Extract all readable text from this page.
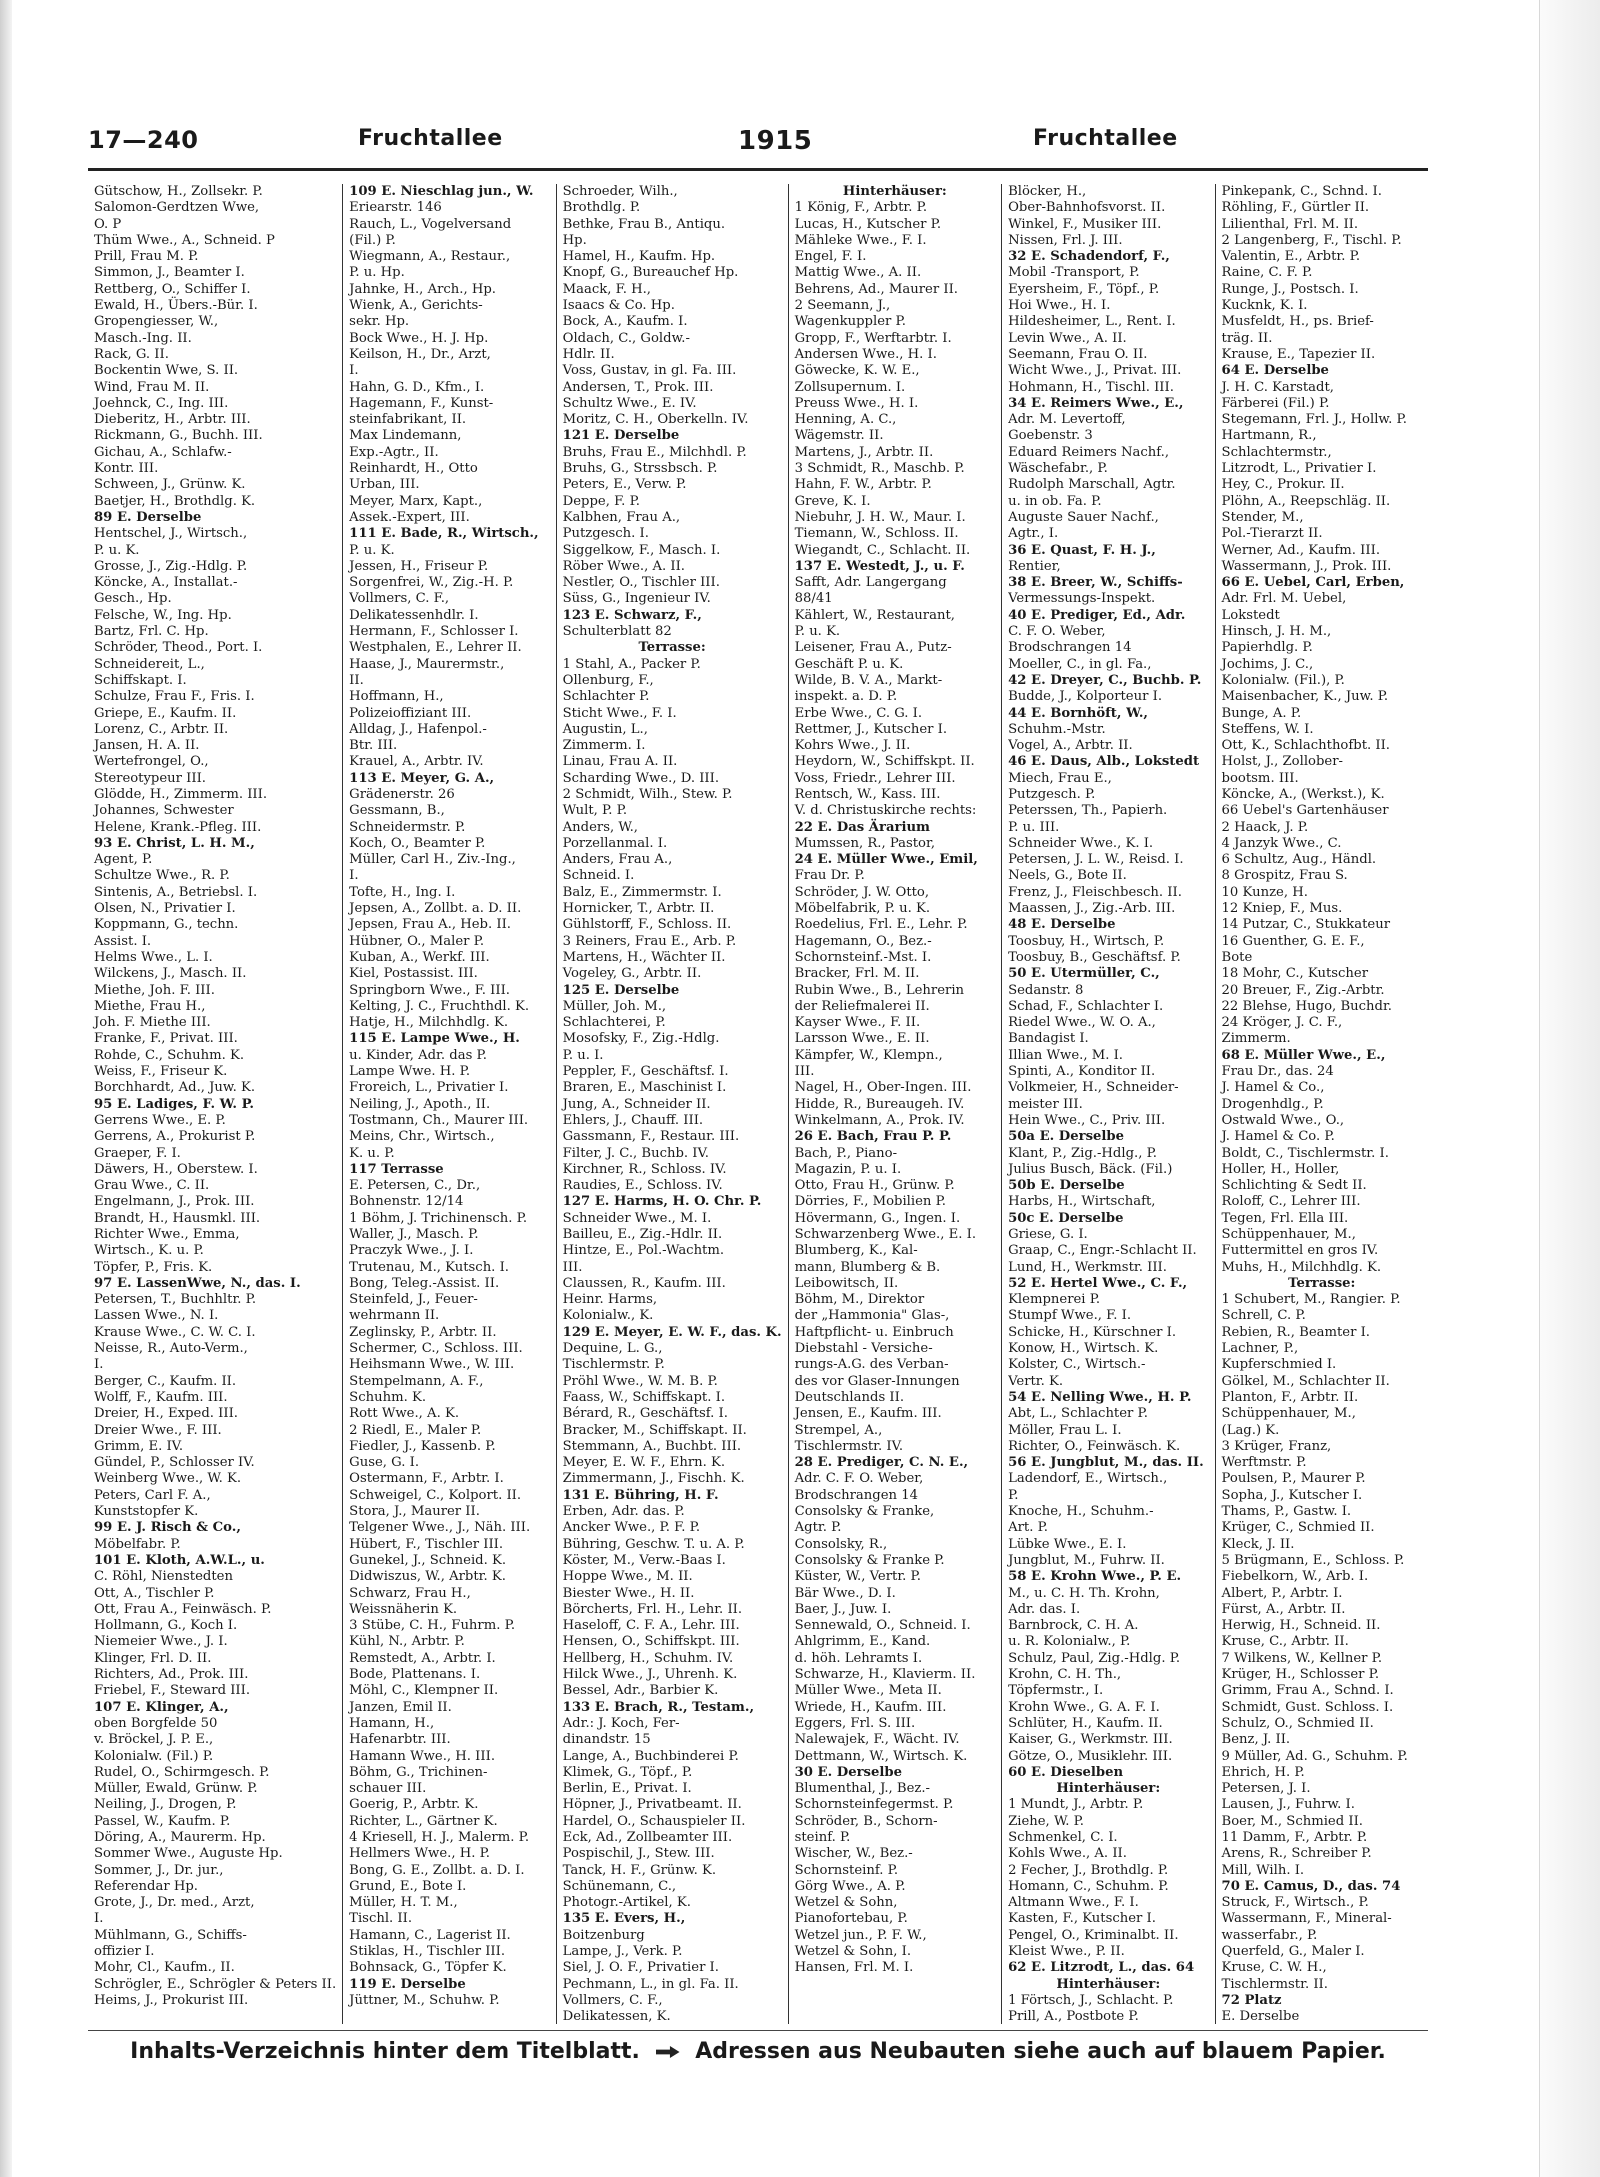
17—240	Fruchtallee	1915	Fruchtallee
Gütschow, H., Zollsekr. P.
Salomon-Gerdtzen Wwe,
O. P
Thüm Wwe., A., Schneid. P
Prill, Frau M. P.
Simmon, J., Beamter I.
Rettberg, O., Schiffer I.
Ewald, H., Übers.-Bür. I.
Gropengiesser, W.,
Masch.-Ing. II.
Rack, G. II.
Bockentin Wwe, S. II.
Wind, Frau M. II.
Joehnck, C., Ing. III.
Dieberitz, H., Arbtr. III.
Rickmann, G., Buchh. III.
Gichau, A., Schlafw.-
Kontr. III.
Schween, J., Grünw. K.
Baetjer, H., Brothdlg. K.
89 E. Derselbe
Hentschel, J., Wirtsch.,
P. u. K.
Grosse, J., Zig.-Hdlg. P.
Köncke, A., Installat.-
Gesch., Hp.
Felsche, W., Ing. Hp.
Bartz, Frl. C. Hp.
Schröder, Theod., Port. I.
Schneidereit, L.,
Schiffskapt. I.
Schulze, Frau F., Fris. I.
Griepe, E., Kaufm. II.
Lorenz, C., Arbtr. II.
Jansen, H. A. II.
Wertefrongel, O.,
Stereotypeur III.
Glödde, H., Zimmerm. III.
Johannes, Schwester
Helene, Krank.-Pfleg. III.
93 E. Christ, L. H. M.,
Agent, P.
Schultze Wwe., R. P.
Sintenis, A., Betriebsl. I.
Olsen, N., Privatier I.
Koppmann, G., techn.
Assist. I.
Helms Wwe., L. I.
Wilckens, J., Masch. II.
Miethe, Joh. F. III.
Miethe, Frau H.,
Joh. F. Miethe III.
Franke, F., Privat. III.
Rohde, C., Schuhm. K.
Weiss, F., Friseur K.
Borchhardt, Ad., Juw. K.
95 E. Ladiges, F. W. P.
Gerrens Wwe., E. P.
Gerrens, A., Prokurist P.
Graeper, F. I.
Däwers, H., Oberstew. I.
Grau Wwe., C. II.
Engelmann, J., Prok. III.
Brandt, H., Hausmkl. III.
Richter Wwe., Emma,
Wirtsch., K. u. P.
Töpfer, P., Fris. K.
97 E. LassenWwe, N., das. I.
Petersen, T., Buchhltr. P.
Lassen Wwe., N. I.
Krause Wwe., C. W. C. I.
Neisse, R., Auto-Verm.,
I.
Berger, C., Kaufm. II.
Wolff, F., Kaufm. III.
Dreier, H., Exped. III.
Dreier Wwe., F. III.
Grimm, E. IV.
Gündel, P., Schlosser IV.
Weinberg Wwe., W. K.
Peters, Carl F. A.,
Kunststopfer K.
99 E. J. Risch & Co.,
Möbelfabr. P.
101 E. Kloth, A.W.L., u.
C. Röhl, Nienstedten
Ott, A., Tischler P.
Ott, Frau A., Feinwäsch. P.
Hollmann, G., Koch I.
Niemeier Wwe., J. I.
Klinger, Frl. D. II.
Richters, Ad., Prok. III.
Friebel, F., Steward III.
107 E. Klinger, A.,
oben Borgfelde 50
v. Bröckel, J. P. E.,
Kolonialw. (Fil.) P.
Rudel, O., Schirmgesch. P.
Müller, Ewald, Grünw. P.
Neiling, J., Drogen, P.
Passel, W., Kaufm. P.
Döring, A., Maurerm. Hp.
Sommer Wwe., Auguste Hp.
Sommer, J., Dr. jur.,
Referendar Hp.
Grote, J., Dr. med., Arzt,
I.
Mühlmann, G., Schiffs-
offizier I.
Mohr, Cl., Kaufm., II.
Schrögler, E., Schrögler & Peters II.
Heims, J., Prokurist III.
109 E. Nieschlag jun., W.
Eriearstr. 146
Rauch, L., Vogelversand
(Fil.) P.
Wiegmann, A., Restaur.,
P. u. Hp.
Jahnke, H., Arch., Hp.
Wienk, A., Gerichts-
sekr. Hp.
Bock Wwe., H. J. Hp.
Keilson, H., Dr., Arzt,
I.
Hahn, G. D., Kfm., I.
Hagemann, F., Kunst-
steinfabrikant, II.
Max Lindemann,
Exp.-Agtr., II.
Reinhardt, H., Otto
Urban, III.
Meyer, Marx, Kapt.,
Assek.-Expert, III.
111 E. Bade, R., Wirtsch.,
P. u. K.
Jessen, H., Friseur P.
Sorgenfrei, W., Zig.-H. P.
Vollmers, C. F.,
Delikatessenhdlr. I.
Hermann, F., Schlosser I.
Westphalen, E., Lehrer II.
Haase, J., Maurermstr.,
II.
Hoffmann, H.,
Polizeioffiziant III.
Alldag, J., Hafenpol.-
Btr. III.
Krauel, A., Arbtr. IV.
113 E. Meyer, G. A.,
Grädenerstr. 26
Gessmann, B.,
Schneidermstr. P.
Koch, O., Beamter P.
Müller, Carl H., Ziv.-Ing.,
I.
Tofte, H., Ing. I.
Jepsen, A., Zollbt. a. D. II.
Jepsen, Frau A., Heb. II.
Hübner, O., Maler P.
Kuban, A., Werkf. III.
Kiel, Postassist. III.
Springborn Wwe., F. III.
Kelting, J. C., Fruchthdl. K.
Hatje, H., Milchhdlg. K.
115 E. Lampe Wwe., H.
u. Kinder, Adr. das P.
Lampe Wwe. H. P.
Froreich, L., Privatier I.
Neiling, J., Apoth., II.
Tostmann, Ch., Maurer III.
Meins, Chr., Wirtsch.,
K. u. P.
117 Terrasse
E. Petersen, C., Dr.,
Bohnenstr. 12/14
1 Böhm, J. Trichinensch. P.
Waller, J., Masch. P.
Praczyk Wwe., J. I.
Trutenau, M., Kutsch. I.
Bong, Teleg.-Assist. II.
Steinfeld, J., Feuer-
wehrmann II.
Zeglinsky, P., Arbtr. II.
Schermer, C., Schloss. III.
Heihsmann Wwe., W. III.
Stempelmann, A. F.,
Schuhm. K.
Rott Wwe., A. K.
2 Riedl, E., Maler P.
Fiedler, J., Kassenb. P.
Guse, G. I.
Ostermann, F., Arbtr. I.
Schweigel, C., Kolport. II.
Stora, J., Maurer II.
Telgener Wwe., J., Näh. III.
Hübert, F., Tischler III.
Gunekel, J., Schneid. K.
Didwiszus, W., Arbtr. K.
Schwarz, Frau H.,
Weissnäherin K.
3 Stübe, C. H., Fuhrm. P.
Kühl, N., Arbtr. P.
Remstedt, A., Arbtr. I.
Bode, Plattenans. I.
Möhl, C., Klempner II.
Janzen, Emil II.
Hamann, H.,
Hafenarbtr. III.
Hamann Wwe., H. III.
Böhm, G., Trichinen-
schauer III.
Goerig, P., Arbtr. K.
Richter, L., Gärtner K.
4 Kriesell, H. J., Malerm. P.
Hellmers Wwe., H. P.
Bong, G. E., Zollbt. a. D. I.
Grund, E., Bote I.
Müller, H. T. M.,
Tischl. II.
Hamann, C., Lagerist II.
Stiklas, H., Tischler III.
Bohnsack, G., Töpfer K.
119 E. Derselbe
Jüttner, M., Schuhw. P.
Schroeder, Wilh.,
Brothdlg. P.
Bethke, Frau B., Antiqu.
Hp.
Hamel, H., Kaufm. Hp.
Knopf, G., Bureauchef Hp.
Maack, F. H.,
Isaacs & Co. Hp.
Bock, A., Kaufm. I.
Oldach, C., Goldw.-
Hdlr. II.
Voss, Gustav, in gl. Fa. III.
Andersen, T., Prok. III.
Schultz Wwe., E. IV.
Moritz, C. H., Oberkelln. IV.
121 E. Derselbe
Bruhs, Frau E., Milchhdl. P.
Bruhs, G., Strssbsch. P.
Peters, E., Verw. P.
Deppe, F. P.
Kalbhen, Frau A.,
Putzgesch. I.
Siggelkow, F., Masch. I.
Röber Wwe., A. II.
Nestler, O., Tischler III.
Süss, G., Ingenieur IV.
123 E. Schwarz, F.,
Schulterblatt 82
Terrasse:
1 Stahl, A., Packer P.
Ollenburg, F.,
Schlachter P.
Sticht Wwe., F. I.
Augustin, L.,
Zimmerm. I.
Linau, Frau A. II.
Scharding Wwe., D. III.
2 Schmidt, Wilh., Stew. P.
Wult, P. P.
Anders, W.,
Porzellanmal. I.
Anders, Frau A.,
Schneid. I.
Balz, E., Zimmermstr. I.
Hornicker, T., Arbtr. II.
Gühlstorff, F., Schloss. II.
3 Reiners, Frau E., Arb. P.
Martens, H., Wächter II.
Vogeley, G., Arbtr. II.
125 E. Derselbe
Müller, Joh. M.,
Schlachterei, P.
Mosofsky, F., Zig.-Hdlg.
P. u. I.
Peppler, F., Geschäftsf. I.
Braren, E., Maschinist I.
Jung, A., Schneider II.
Ehlers, J., Chauff. III.
Gassmann, F., Restaur. III.
Filter, J. C., Buchb. IV.
Kirchner, R., Schloss. IV.
Raudies, E., Schloss. IV.
127 E. Harms, H. O. Chr. P.
Schneider Wwe., M. I.
Bailleu, E., Zig.-Hdlr. II.
Hintze, E., Pol.-Wachtm.
III.
Claussen, R., Kaufm. III.
Heinr. Harms,
Kolonialw., K.
129 E. Meyer, E. W. F., das. K.
Dequine, L. G.,
Tischlermstr. P.
Pröhl Wwe., W. M. B. P.
Faass, W., Schiffskapt. I.
Bérard, R., Geschäftsf. I.
Bracker, M., Schiffskapt. II.
Stemmann, A., Buchbt. III.
Meyer, E. W. F., Ehrn. K.
Zimmermann, J., Fischh. K.
131 E. Bühring, H. F.
Erben, Adr. das. P.
Ancker Wwe., P. F. P.
Bühring, Geschw. T. u. A. P.
Köster, M., Verw.-Baas I.
Hoppe Wwe., M. II.
Biester Wwe., H. II.
Börcherts, Frl. H., Lehr. II.
Haseloff, C. F. A., Lehr. III.
Hensen, O., Schiffskpt. III.
Hellberg, H., Schuhm. IV.
Hilck Wwe., J., Uhrenh. K.
Bessel, Adr., Barbier K.
133 E. Brach, R., Testam.,
Adr.: J. Koch, Fer-
dinandstr. 15
Lange, A., Buchbinderei P.
Klimek, G., Töpf., P.
Berlin, E., Privat. I.
Höpner, J., Privatbeamt. II.
Hardel, O., Schauspieler II.
Eck, Ad., Zollbeamter III.
Pospischil, J., Stew. III.
Tanck, H. F., Grünw. K.
Schünemann, C.,
Photogr.-Artikel, K.
135 E. Evers, H.,
Boitzenburg
Lampe, J., Verk. P.
Siel, J. O. F., Privatier I.
Pechmann, L., in gl. Fa. II.
Vollmers, C. F.,
Delikatessen, K.
Hinterhäuser:
1 König, F., Arbtr. P.
Lucas, H., Kutscher P.
Mähleke Wwe., F. I.
Engel, F. I.
Mattig Wwe., A. II.
Behrens, Ad., Maurer II.
2 Seemann, J.,
Wagenkuppler P.
Gropp, F., Werftarbtr. I.
Andersen Wwe., H. I.
Göwecke, K. W. E.,
Zollsupernum. I.
Preuss Wwe., H. I.
Henning, A. C.,
Wägemstr. II.
Martens, J., Arbtr. II.
3 Schmidt, R., Maschb. P.
Hahn, F. W., Arbtr. P.
Greve, K. I.
Niebuhr, J. H. W., Maur. I.
Tiemann, W., Schloss. II.
Wiegandt, C., Schlacht. II.
137 E. Westedt, J., u. F.
Safft, Adr. Langergang
88/41
Kählert, W., Restaurant,
P. u. K.
Leisener, Frau A., Putz-
Geschäft P. u. K.
Wilde, B. V. A., Markt-
inspekt. a. D. P.
Erbe Wwe., C. G. I.
Rettmer, J., Kutscher I.
Kohrs Wwe., J. II.
Heydorn, W., Schiffskpt. II.
Voss, Friedr., Lehrer III.
Rentsch, W., Kass. III.
V. d. Christuskirche rechts:
22 E. Das Ärarium
Mumssen, R., Pastor,
24 E. Müller Wwe., Emil,
Frau Dr. P.
Schröder, J. W. Otto,
Möbelfabrik, P. u. K.
Roedelius, Frl. E., Lehr. P.
Hagemann, O., Bez.-
Schornsteinf.-Mst. I.
Bracker, Frl. M. II.
Rubin Wwe., B., Lehrerin
der Reliefmalerei II.
Kayser Wwe., F. II.
Larsson Wwe., E. II.
Kämpfer, W., Klempn.,
III.
Nagel, H., Ober-Ingen. III.
Hidde, R., Bureaugeh. IV.
Winkelmann, A., Prok. IV.
26 E. Bach, Frau P. P.
Bach, P., Piano-
Magazin, P. u. I.
Otto, Frau H., Grünw. P.
Dörries, F., Mobilien P.
Hövermann, G., Ingen. I.
Schwarzenberg Wwe., E. I.
Blumberg, K., Kal-
mann, Blumberg & B.
Leibowitsch, II.
Böhm, M., Direktor
der „Hammonia" Glas-,
Haftpflicht- u. Einbruch
Diebstahl - Versiche-
rungs-A.G. des Verban-
des vor Glaser-Innungen
Deutschlands II.
Jensen, E., Kaufm. III.
Strempel, A.,
Tischlermstr. IV.
28 E. Prediger, C. N. E.,
Adr. C. F. O. Weber,
Brodschrangen 14
Consolsky & Franke,
Agtr. P.
Consolsky, R.,
Consolsky & Franke P.
Küster, W., Vertr. P.
Bär Wwe., D. I.
Baer, J., Juw. I.
Sennewald, O., Schneid. I.
Ahlgrimm, E., Kand.
d. höh. Lehramts I.
Schwarze, H., Klavierm. II.
Müller Wwe., Meta II.
Wriede, H., Kaufm. III.
Eggers, Frl. S. III.
Nalewajek, F., Wächt. IV.
Dettmann, W., Wirtsch. K.
30 E. Derselbe
Blumenthal, J., Bez.-
Schornsteinfegermst. P.
Schröder, B., Schorn-
steinf. P.
Wischer, W., Bez.-
Schornsteinf. P.
Görg Wwe., A. P.
Wetzel & Sohn,
Pianofortebau, P.
Wetzel jun., P. F. W.,
Wetzel & Sohn, I.
Hansen, Frl. M. I.
Blöcker, H.,
Ober-Bahnhofsvorst. II.
Winkel, F., Musiker III.
Nissen, Frl. J. III.
32 E. Schadendorf, F.,
Mobil -Transport, P.
Eyersheim, F., Töpf., P.
Hoi Wwe., H. I.
Hildesheimer, L., Rent. I.
Levin Wwe., A. II.
Seemann, Frau O. II.
Wicht Wwe., J., Privat. III.
Hohmann, H., Tischl. III.
34 E. Reimers Wwe., E.,
Adr. M. Levertoff,
Goebenstr. 3
Eduard Reimers Nachf.,
Wäschefabr., P.
Rudolph Marschall, Agtr.
u. in ob. Fa. P.
Auguste Sauer Nachf.,
Agtr., I.
36 E. Quast, F. H. J.,
Rentier,
38 E. Breer, W., Schiffs-
Vermessungs-Inspekt.
40 E. Prediger, Ed., Adr.
C. F. O. Weber,
Brodschrangen 14
Moeller, C., in gl. Fa.,
42 E. Dreyer, C., Buchb. P.
Budde, J., Kolporteur I.
44 E. Bornhöft, W.,
Schuhm.-Mstr.
Vogel, A., Arbtr. II.
46 E. Daus, Alb., Lokstedt
Miech, Frau E.,
Putzgesch. P.
Peterssen, Th., Papierh.
P. u. III.
Schneider Wwe., K. I.
Petersen, J. L. W., Reisd. I.
Neels, G., Bote II.
Frenz, J., Fleischbesch. II.
Maassen, J., Zig.-Arb. III.
48 E. Derselbe
Toosbuy, H., Wirtsch, P.
Toosbuy, B., Geschäftsf. P.
50 E. Utermüller, C.,
Sedanstr. 8
Schad, F., Schlachter I.
Riedel Wwe., W. O. A.,
Bandagist I.
Illian Wwe., M. I.
Spinti, A., Konditor II.
Volkmeier, H., Schneider-
meister III.
Hein Wwe., C., Priv. III.
50a E. Derselbe
Klant, P., Zig.-Hdlg., P.
Julius Busch, Bäck. (Fil.)
50b E. Derselbe
Harbs, H., Wirtschaft,
50c E. Derselbe
Griese, G. I.
Graap, C., Engr.-Schlacht II.
Lund, H., Werkmstr. III.
52 E. Hertel Wwe., C. F.,
Klempnerei P.
Stumpf Wwe., F. I.
Schicke, H., Kürschner I.
Konow, H., Wirtsch. K.
Kolster, C., Wirtsch.-
Vertr. K.
54 E. Nelling Wwe., H. P.
Abt, L., Schlachter P.
Möller, Frau L. I.
Richter, O., Feinwäsch. K.
56 E. Jungblut, M., das. II.
Ladendorf, E., Wirtsch.,
P.
Knoche, H., Schuhm.-
Art. P.
Lübke Wwe., E. I.
Jungblut, M., Fuhrw. II.
58 E. Krohn Wwe., P. E.
M., u. C. H. Th. Krohn,
Adr. das. I.
Barnbrock, C. H. A.
u. R. Kolonialw., P.
Schulz, Paul, Zig.-Hdlg. P.
Krohn, C. H. Th.,
Töpfermstr., I.
Krohn Wwe., G. A. F. I.
Schlüter, H., Kaufm. II.
Kaiser, G., Werkmstr. III.
Götze, O., Musiklehr. III.
60 E. Dieselben
Hinterhäuser:
1 Mundt, J., Arbtr. P.
Ziehe, W. P.
Schmenkel, C. I.
Kohls Wwe., A. II.
2 Fecher, J., Brothdlg. P.
Homann, C., Schuhm. P.
Altmann Wwe., F. I.
Kasten, F., Kutscher I.
Pengel, O., Kriminalbt. II.
Kleist Wwe., P. II.
62 E. Litzrodt, L., das. 64
Hinterhäuser:
1 Förtsch, J., Schlacht. P.
Prill, A., Postbote P.
Pinkepank, C., Schnd. I.
Röhling, F., Gürtler II.
Lilienthal, Frl. M. II.
2 Langenberg, F., Tischl. P.
Valentin, E., Arbtr. P.
Raine, C. F. P.
Runge, J., Postsch. I.
Kucknk, K. I.
Musfeldt, H., ps. Brief-
träg. II.
Krause, E., Tapezier II.
64 E. Derselbe
J. H. C. Karstadt,
Färberei (Fil.) P.
Stegemann, Frl. J., Hollw. P.
Hartmann, R.,
Schlachtermstr.,
Litzrodt, L., Privatier I.
Hey, C., Prokur. II.
Plöhn, A., Reepschläg. II.
Stender, M.,
Pol.-Tierarzt II.
Werner, Ad., Kaufm. III.
Wassermann, J., Prok. III.
66 E. Uebel, Carl, Erben,
Adr. Frl. M. Uebel,
Lokstedt
Hinsch, J. H. M.,
Papierhdlg. P.
Jochims, J. C.,
Kolonialw. (Fil.), P.
Maisenbacher, K., Juw. P.
Bunge, A. P.
Steffens, W. I.
Ott, K., Schlachthofbt. II.
Holst, J., Zollober-
bootsm. III.
Köncke, A., (Werkst.), K.
66 Uebel's Gartenhäuser
2 Haack, J. P.
4 Janzyk Wwe., C.
6 Schultz, Aug., Händl.
8 Grospitz, Frau S.
10 Kunze, H.
12 Kniep, F., Mus.
14 Putzar, C., Stukkateur
16 Guenther, G. E. F.,
Bote
18 Mohr, C., Kutscher
20 Breuer, F., Zig.-Arbtr.
22 Blehse, Hugo, Buchdr.
24 Kröger, J. C. F.,
Zimmerm.
68 E. Müller Wwe., E.,
Frau Dr., das. 24
J. Hamel & Co.,
Drogenhdlg., P.
Ostwald Wwe., O.,
J. Hamel & Co. P.
Boldt, C., Tischlermstr. I.
Holler, H., Holler,
Schlichting & Sedt II.
Roloff, C., Lehrer III.
Tegen, Frl. Ella III.
Schüppenhauer, M.,
Futtermittel en gros IV.
Muhs, H., Milchhdlg. K.
Terrasse:
1 Schubert, M., Rangier. P.
Schrell, C. P.
Rebien, R., Beamter I.
Lachner, P.,
Kupferschmied I.
Gölkel, M., Schlachter II.
Planton, F., Arbtr. II.
Schüppenhauer, M.,
(Lag.) K.
3 Krüger, Franz,
Werftmstr. P.
Poulsen, P., Maurer P.
Sopha, J., Kutscher I.
Thams, P., Gastw. I.
Krüger, C., Schmied II.
Kleck, J. II.
5 Brügmann, E., Schloss. P.
Fiebelkorn, W., Arb. I.
Albert, P., Arbtr. I.
Fürst, A., Arbtr. II.
Herwig, H., Schneid. II.
Kruse, C., Arbtr. II.
7 Wilkens, W., Kellner P.
Krüger, H., Schlosser P.
Grimm, Frau A., Schnd. I.
Schmidt, Gust. Schloss. I.
Schulz, O., Schmied II.
Benz, J. II.
9 Müller, Ad. G., Schuhm. P.
Ehrich, H. P.
Petersen, J. I.
Lausen, J., Fuhrw. I.
Boer, M., Schmied II.
11 Damm, F., Arbtr. P.
Arens, R., Schreiber P.
Mill, Wilh. I.
70 E. Camus, D., das. 74
Struck, F., Wirtsch., P.
Wassermann, F., Mineral-
wasserfabr., P.
Querfeld, G., Maler I.
Kruse, C. W. H.,
Tischlermstr. II.
72 Platz
E. Derselbe
Inhalts-Verzeichnis hinter dem Titelblatt.	Adressen aus Neubauten siehe auch auf blauem Papier.
